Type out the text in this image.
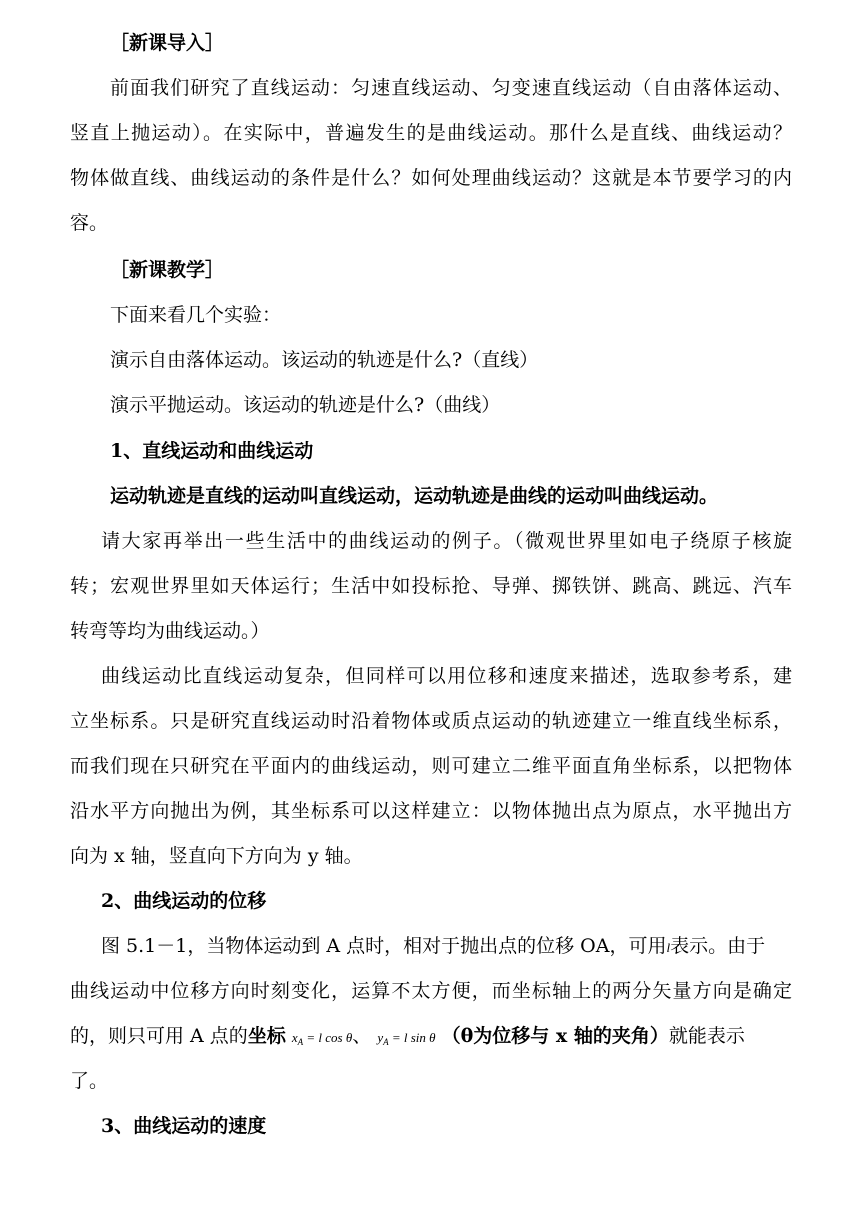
［新课导入］
前面我们研究了直线运动：匀速直线运动、匀变速直线运动（自由落体运动、
竖直上抛运动）。在实际中，普遍发生的是曲线运动。那什么是直线、曲线运动？
物体做直线、曲线运动的条件是什么？如何处理曲线运动？这就是本节要学习的内
容。
［新课教学］
下面来看几个实验：
演示自由落体运动。该运动的轨迹是什么?（直线）
演示平抛运动。该运动的轨迹是什么?（曲线）
1、直线运动和曲线运动
运动轨迹是直线的运动叫直线运动，运动轨迹是曲线的运动叫曲线运动。
请大家再举出一些生活中的曲线运动的例子。（微观世界里如电子绕原子核旋
转；宏观世界里如天体运行；生活中如投标抢、导弹、掷铁饼、跳高、跳远、汽车
转弯等均为曲线运动。）
曲线运动比直线运动复杂，但同样可以用位移和速度来描述，选取参考系，建
立坐标系。只是研究直线运动时沿着物体或质点运动的轨迹建立一维直线坐标系，
而我们现在只研究在平面内的曲线运动，则可建立二维平面直角坐标系，以把物体
沿水平方向抛出为例，其坐标系可以这样建立：以物体抛出点为原点，水平抛出方
向为 x 轴，竖直向下方向为 y 轴。
2、曲线运动的位移
图 5.1－1，当物体运动到 A 点时，相对于抛出点的位移 OA，可用l表示。由于
曲线运动中位移方向时刻变化，运算不太方便，而坐标轴上的两分矢量方向是确定
的，则只可用 A 点的坐标 $x_A = l$ cos θ、 $y_A = l$ sin θ （θ为位移与 x 轴的夹角）就能表示
了。
3、曲线运动的速度
